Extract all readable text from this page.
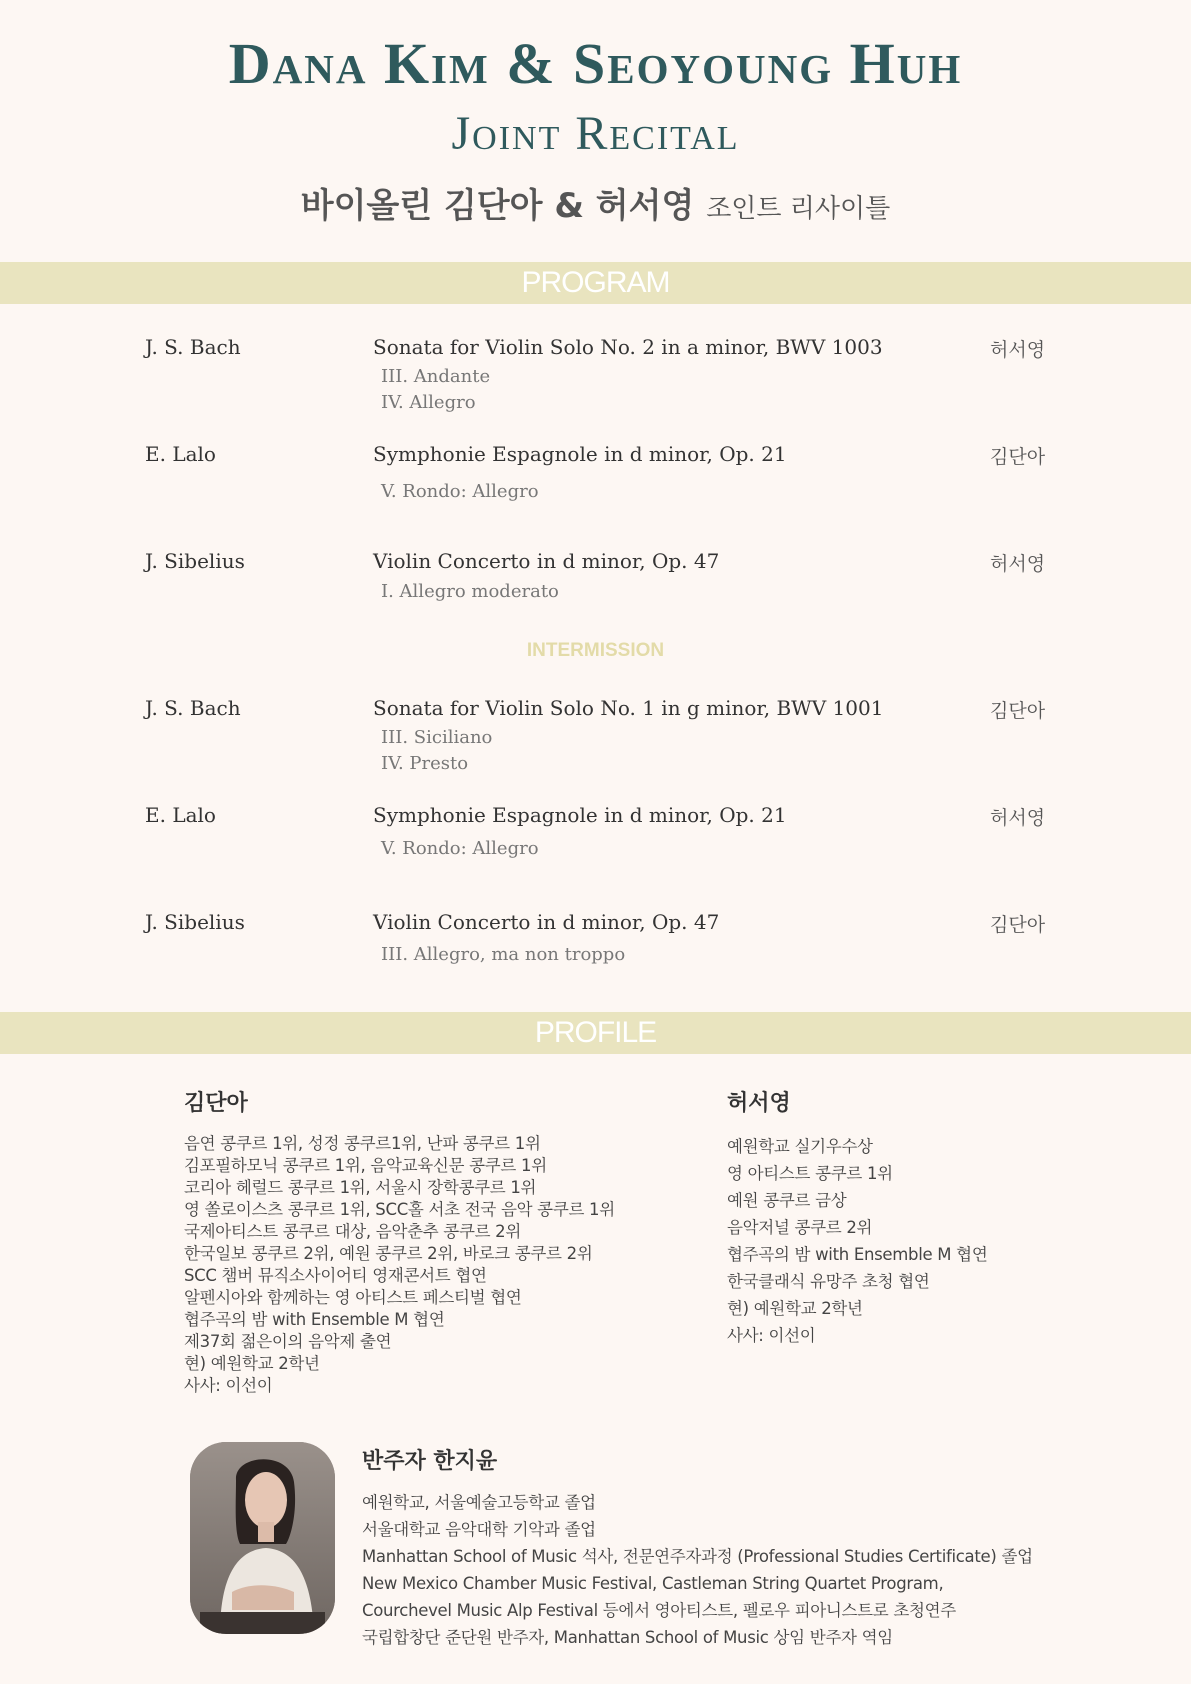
Dana Kim & Seoyoung Huh
Joint Recital
바이올린 김단아 & 허서영 조인트 리사이틀
PROGRAM
J. S. Bach	Sonata for Violin Solo No. 2 in a minor, BWV 1003
III. Andante
IV. Allegro
허서영
E. Lalo	Symphonie Espagnole in d minor, Op. 21
V. Rondo: Allegro
김단아
J. Sibelius	Violin Concerto in d minor, Op. 47
I. Allegro moderato
허서영
INTERMISSION
J. S. Bach	Sonata for Violin Solo No. 1 in g minor, BWV 1001
III. Siciliano
IV. Presto
김단아
E. Lalo	Symphonie Espagnole in d minor, Op. 21
V. Rondo: Allegro
허서영
J. Sibelius	Violin Concerto in d minor, Op. 47
III. Allegro, ma non troppo
김단아
PROFILE
김단아
음연 콩쿠르 1위, 성정 콩쿠르1위, 난파 콩쿠르 1위
김포필하모닉 콩쿠르 1위, 음악교육신문 콩쿠르 1위
코리아 헤럴드 콩쿠르 1위, 서울시 장학콩쿠르 1위
영 쏠로이스츠 콩쿠르 1위, SCC홀 서초 전국 음악 콩쿠르 1위
국제아티스트 콩쿠르 대상, 음악춘추 콩쿠르 2위
한국일보 콩쿠르 2위, 예원 콩쿠르 2위, 바로크 콩쿠르 2위
SCC 챔버 뮤직소사이어티 영재콘서트 협연
알펜시아와 함께하는 영 아티스트 페스티벌 협연
협주곡의 밤 with Ensemble M 협연
제37회 젊은이의 음악제 출연
현) 예원학교 2학년
사사: 이선이
허서영
예원학교 실기우수상
영 아티스트 콩쿠르 1위
예원 콩쿠르 금상
음악저널 콩쿠르 2위
협주곡의 밤 with Ensemble M 협연
한국클래식 유망주 초청 협연
현) 예원학교 2학년
사사: 이선이
반주자 한지윤
예원학교, 서울예술고등학교 졸업
서울대학교 음악대학 기악과 졸업
Manhattan School of Music 석사, 전문연주자과정 (Professional Studies Certificate) 졸업
New Mexico Chamber Music Festival, Castleman String Quartet Program,
Courchevel Music Alp Festival 등에서 영아티스트, 펠로우 피아니스트로 초청연주
국립합창단 준단원 반주자, Manhattan School of Music 상임 반주자 역임
